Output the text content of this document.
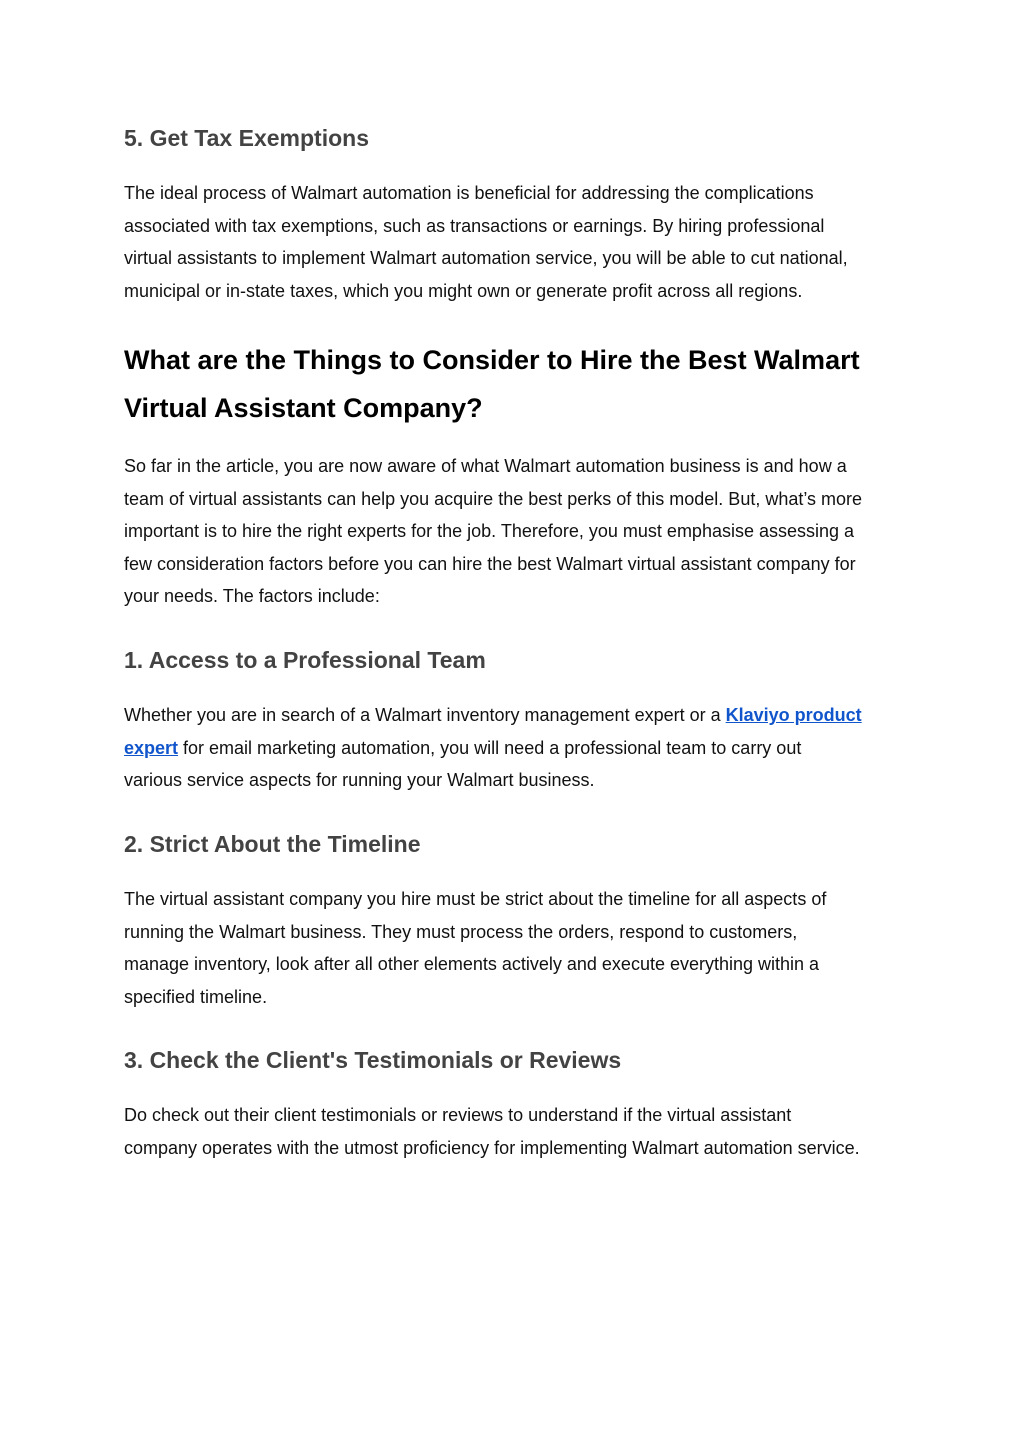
5. Get Tax Exemptions
The ideal process of Walmart automation is beneficial for addressing the complications
associated with tax exemptions, such as transactions or earnings. By hiring professional
virtual assistants to implement Walmart automation service, you will be able to cut national,
municipal or in-state taxes, which you might own or generate profit across all regions.
What are the Things to Consider to Hire the Best Walmart
Virtual Assistant Company?
So far in the article, you are now aware of what Walmart automation business is and how a
team of virtual assistants can help you acquire the best perks of this model. But, what’s more
important is to hire the right experts for the job. Therefore, you must emphasise assessing a
few consideration factors before you can hire the best Walmart virtual assistant company for
your needs. The factors include:
1. Access to a Professional Team
Whether you are in search of a Walmart inventory management expert or a Klaviyo product
expert for email marketing automation, you will need a professional team to carry out
various service aspects for running your Walmart business.
2. Strict About the Timeline
The virtual assistant company you hire must be strict about the timeline for all aspects of
running the Walmart business. They must process the orders, respond to customers,
manage inventory, look after all other elements actively and execute everything within a
specified timeline.
3. Check the Client's Testimonials or Reviews
Do check out their client testimonials or reviews to understand if the virtual assistant
company operates with the utmost proficiency for implementing Walmart automation service.
